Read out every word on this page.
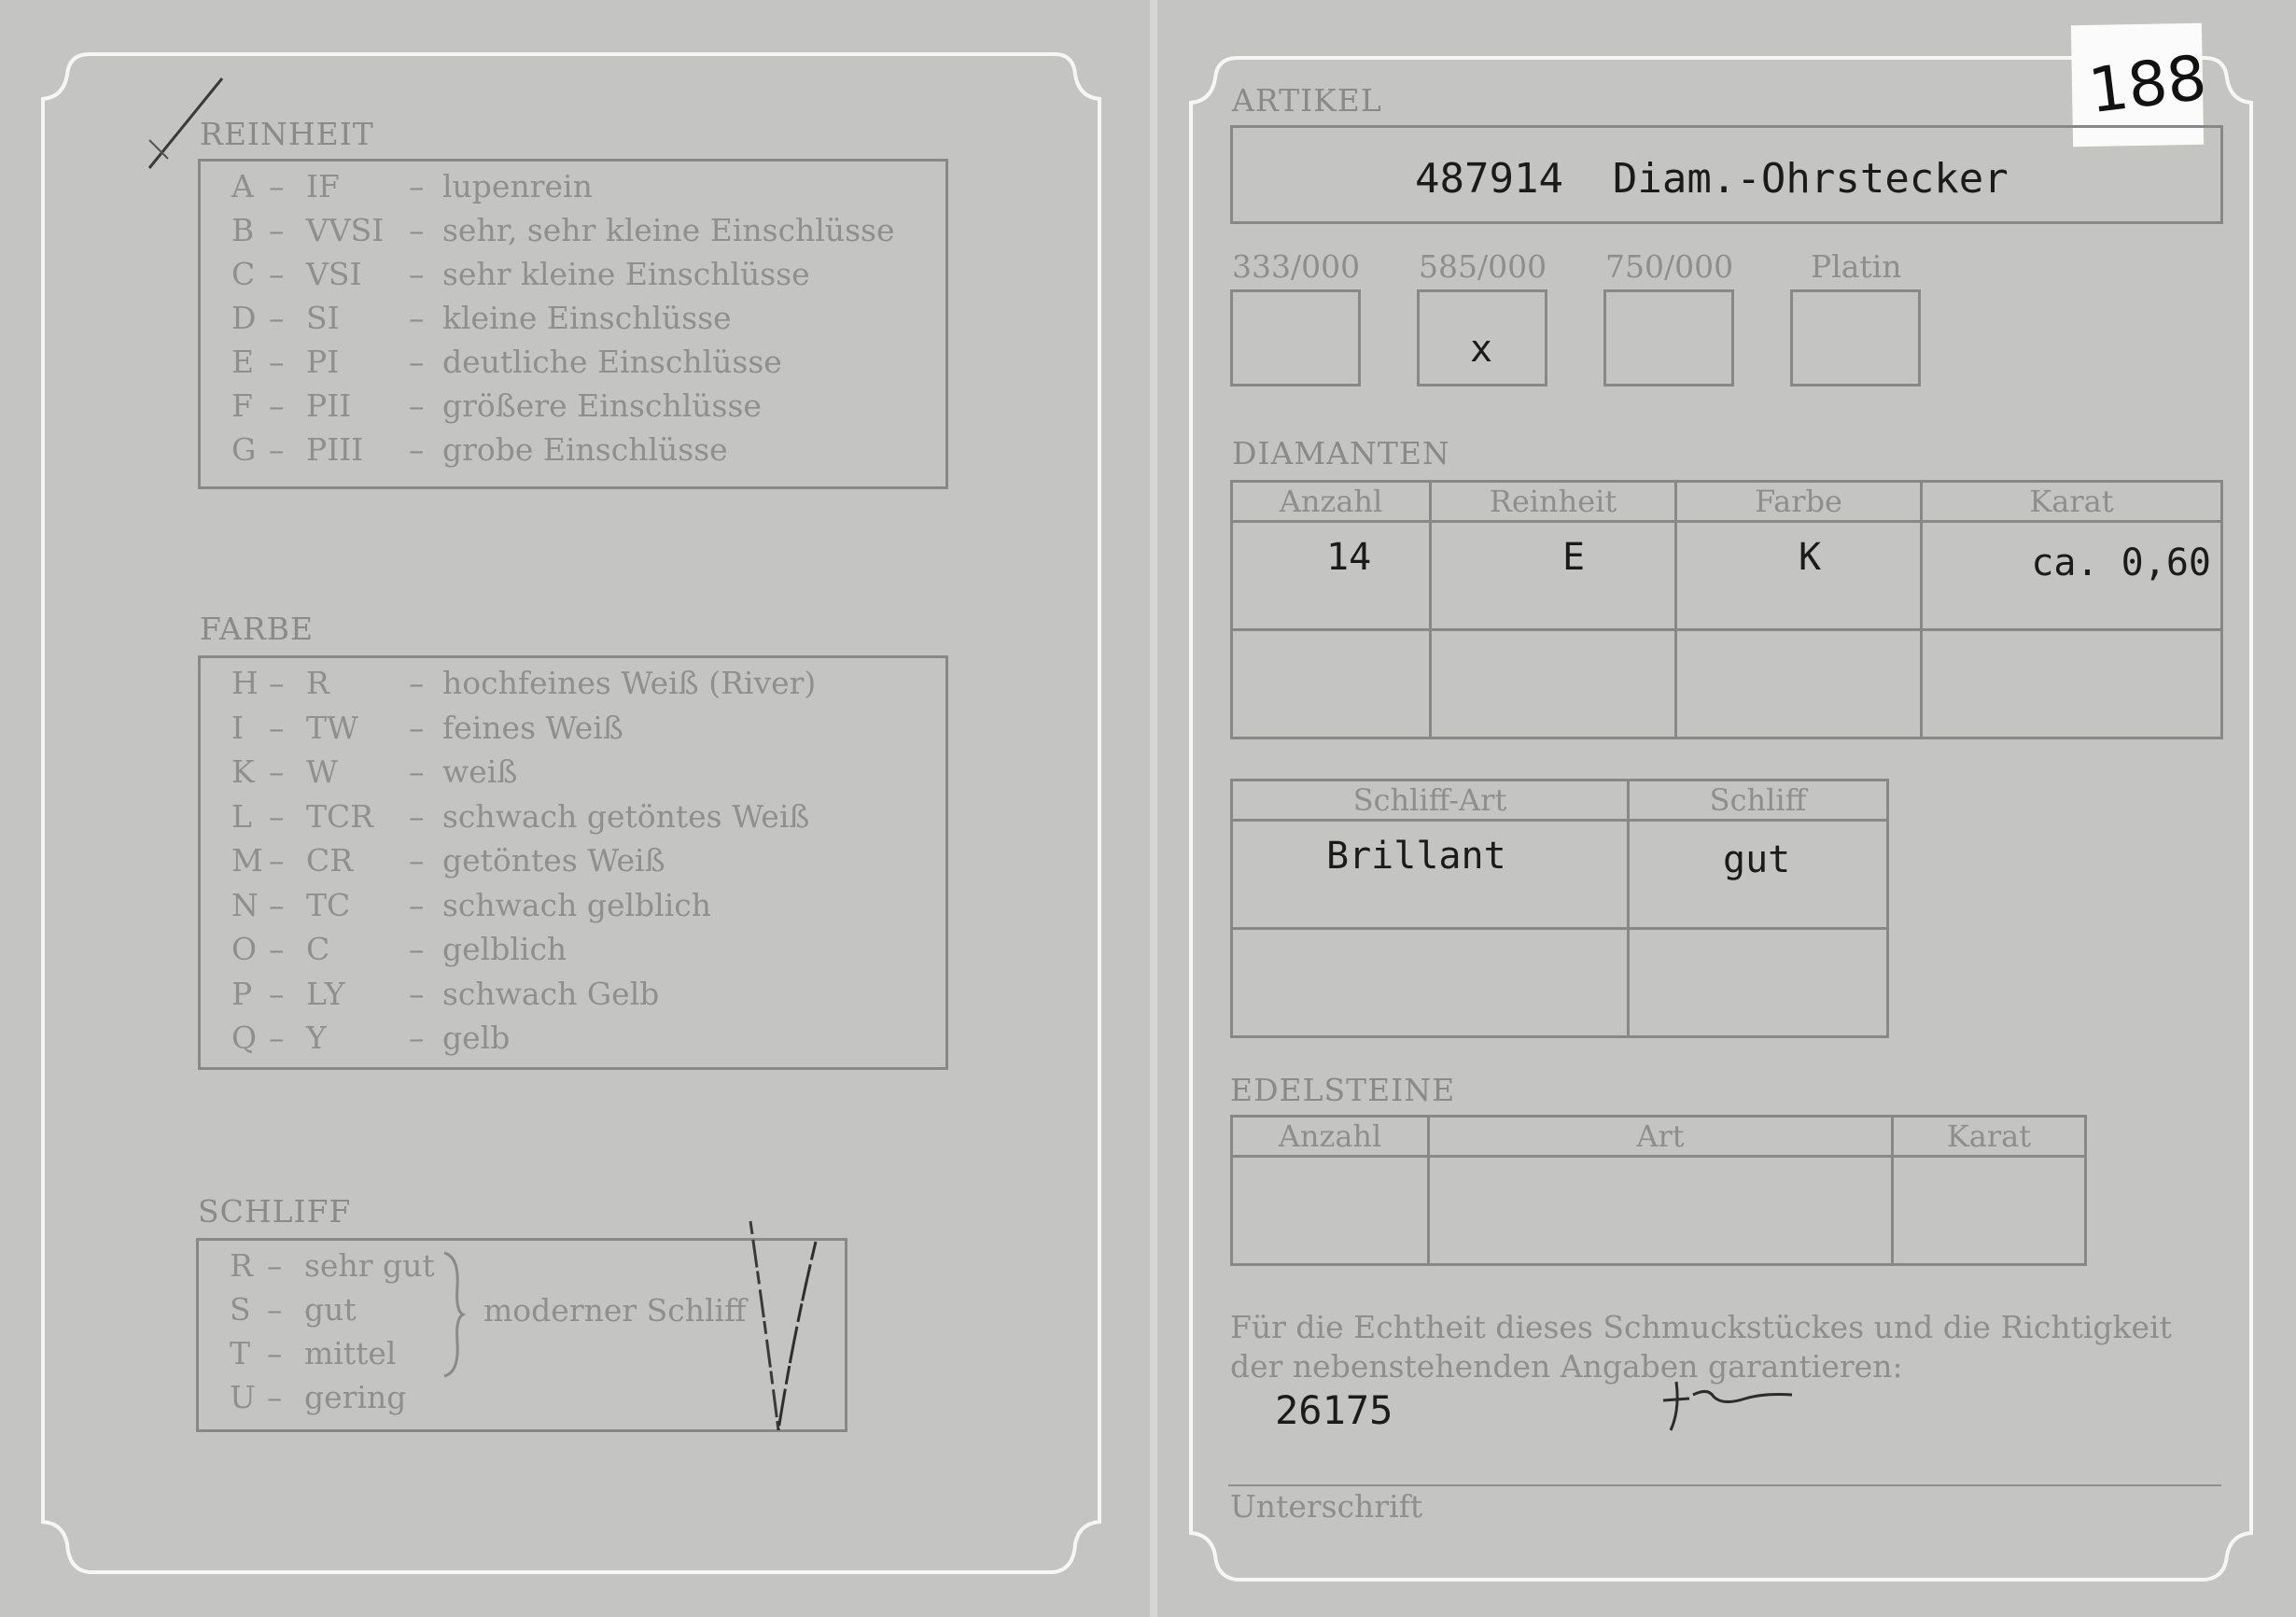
REINHEIT
A – IF – lupenrein
B – VVSI – sehr, sehr kleine Einschlüsse
C – VSI – sehr kleine Einschlüsse
D – SI – kleine Einschlüsse
E – PI – deutliche Einschlüsse
F – PII – größere Einschlüsse
G – PIII – grobe Einschlüsse
FARBE
H – R	– hochfeines Weiß (River)
I – TW – feines Weiß
K – W – weiß
L – TCR – schwach getöntes Weiß
M – CR – getöntes Weiß
N – TC – schwach gelblich
O – C	– gelblich
P – LY – schwach Gelb
Q – Y	– gelb
SCHLIFF
R – sehr gut
S – gut
T – mittel
U – gering
moderner Schliff
188
ARTIKEL
487914  Diam.-Ohrstecker
333/000 585/000
x
750/000	Platin
DIAMANTEN
Anzahl	Reinheit	Farbe	Karat

14	E	K	ca. 0,60

Schliff-Art	Schliff

Brillant	gut

EDELSTEINE
Anzahl	Art	Karat

Für die Echtheit dieses Schmuckstückes und die Richtigkeit
der nebenstehenden Angaben garantieren:
26175
Unterschrift
